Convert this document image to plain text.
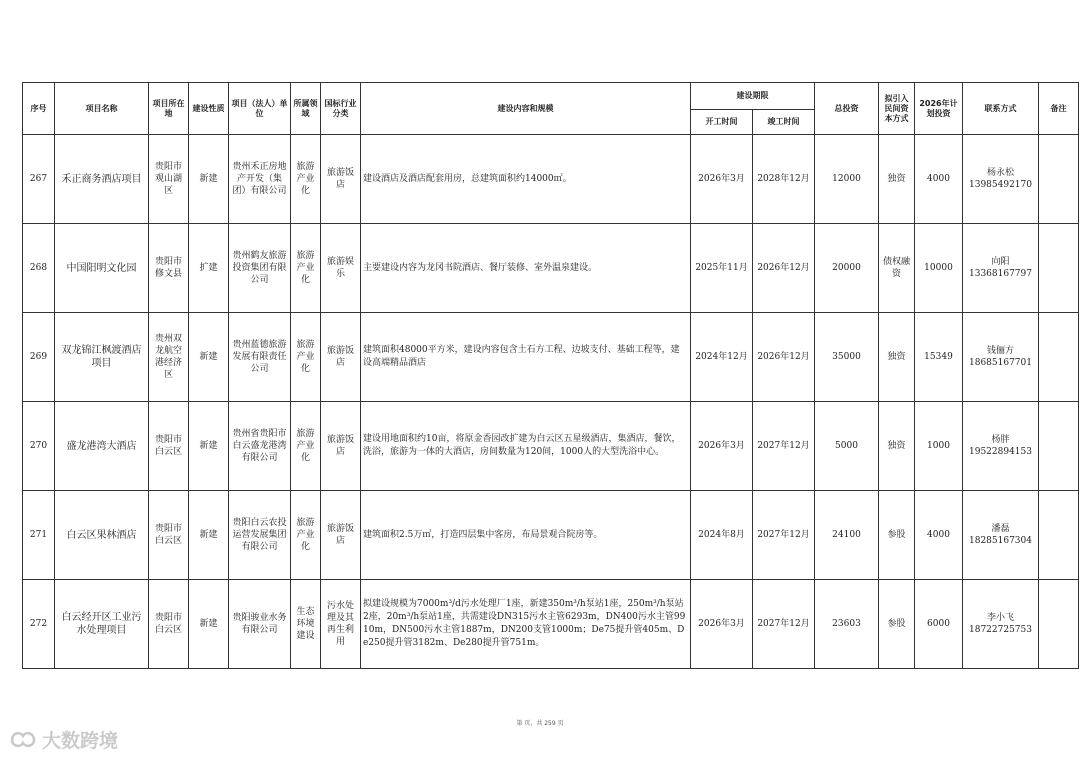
序号	项目名称	项目所在地	建设性质	项目（法人）单位	所属领域	国标行业分类	建设内容和规模	建设期限		总投资	拟引入民间资本方式	2026年计划投资	联系方式	备注
								开工时间	竣工时间					
267	禾正商务酒店项目	贵阳市观山湖区	新建	贵州禾正房地产开发（集团）有限公司	旅游产业化	旅游饭店	建设酒店及酒店配套用房，总建筑面积约14000㎡。	2026年3月	2028年12月	12000	独资	4000	杨永松
13985492170	

268	中国阳明文化园	贵阳市修文县	扩建	贵州鹤友旅游投资集团有限公司	旅游产业化	旅游娱乐	主要建设内容为龙冈书院酒店、餐厅装修、室外温泉建设。	2025年11月	2026年12月	20000	债权融资	10000	向阳
13368167797	

269	双龙锦江枫渡酒店项目	贵州双龙航空港经济区	新建	贵州蓝德旅游发展有限责任公司	旅游产业化	旅游饭店	建筑面积48000平方米，建设内容包含土石方工程、边坡支付、基础工程等，建设高端精品酒店	2024年12月	2026年12月	35000	独资	15349	钱俪方
18685167701	

270	盛龙港湾大酒店	贵阳市白云区	新建	贵州省贵阳市白云盛龙港湾有限公司	旅游产业化	旅游饭店	建设用地面积约10亩，将原金香园改扩建为白云区五星级酒店，集酒店，餐饮，洗浴，旅游为一体的大酒店，房间数量为120间，1000人的大型洗浴中心。	2026年3月	2027年12月	5000	独资	1000	杨胖
19522894153	

271	白云区果林酒店	贵阳市白云区	新建	贵阳白云农投运营发展集团有限公司	旅游产业化	旅游饭店	建筑面积2.5万㎡，打造四层集中客房，布局景观合院房等。	2024年8月	2027年12月	24100	参股	4000	潘磊
18285167304	

272	白云经开区工业污水处理项目	贵阳市白云区	新建	贵阳骏业水务有限公司	生态环境建设	污水处理及其再生利用	拟建设规模为7000m³/d污水处理厂1座，新建350m³/h泵站1座，250m³/h泵站2座，20m³/h泵站1座，共需建设DN315污水主管6293m，DN400污水主管9910m，DN500污水主管1887m，DN200支管1000m；De75提升管405m、De250提升管3182m、De280提升管751m。	2026年3月	2027年12月	23603	参股	6000	李小飞
18722725753	

第 页，共 259 页
大数跨境
